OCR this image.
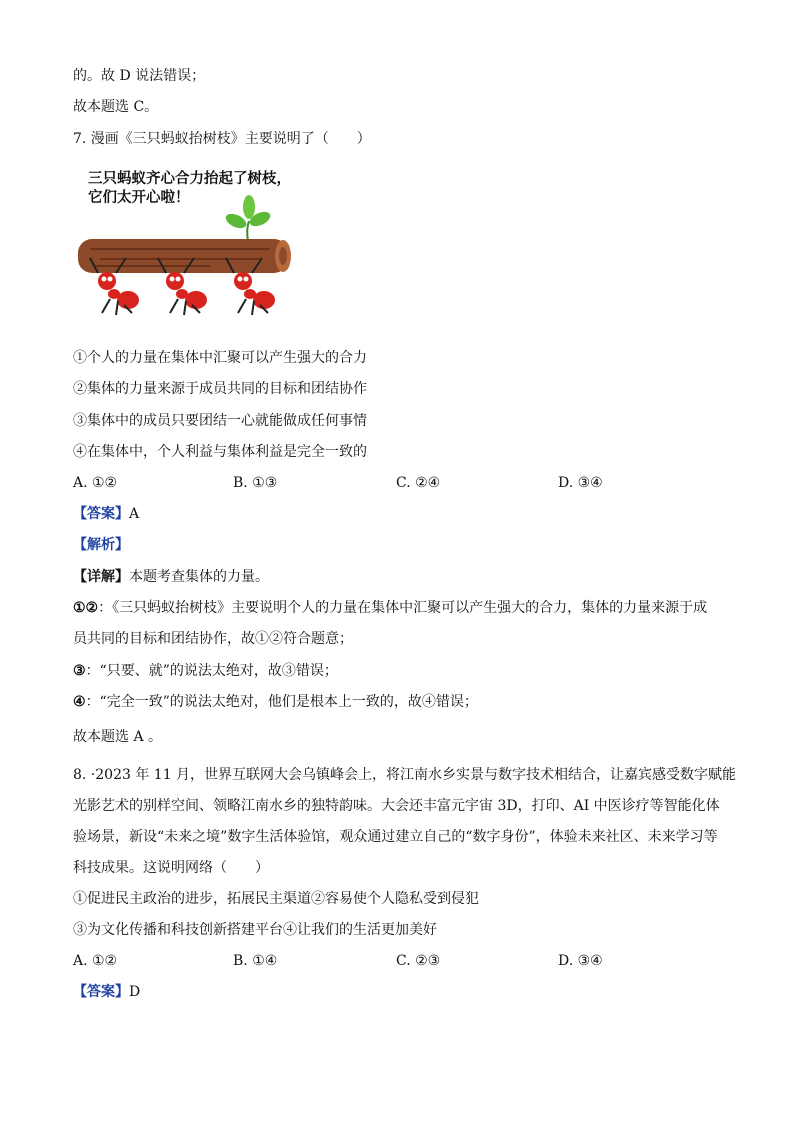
的。故 D 说法错误；
故本题选 C。
7. 漫画《三只蚂蚁抬树枝》主要说明了（　　）
三只蚂蚁齐心合力抬起了树枝，
它们太开心啦！
①个人的力量在集体中汇聚可以产生强大的合力
②集体的力量来源于成员共同的目标和团结协作
③集体中的成员只要团结一心就能做成任何事情
④在集体中，个人利益与集体利益是完全一致的
A. ①②	B. ①③	C. ②④	D. ③④
【答案】A
【解析】
【详解】本题考查集体的力量。
①②：《三只蚂蚁抬树枝》主要说明个人的力量在集体中汇聚可以产生强大的合力，集体的力量来源于成
员共同的目标和团结协作，故①②符合题意；
③：“只要、就”的说法太绝对，故③错误；
④：“完全一致”的说法太绝对，他们是根本上一致的，故④错误；
故本题选 A 。
8. ·2023 年 11 月，世界互联网大会乌镇峰会上，将江南水乡实景与数字技术相结合，让嘉宾感受数字赋能
光影艺术的别样空间、领略江南水乡的独特韵味。大会还丰富元宇宙 3D，打印、AI 中医诊疗等智能化体
验场景，新设“未来之境”数字生活体验馆，观众通过建立自己的“数字身份”，体验未来社区、未来学习等
科技成果。这说明网络（　　）
①促进民主政治的进步，拓展民主渠道②容易使个人隐私受到侵犯
③为文化传播和科技创新搭建平台④让我们的生活更加美好
A. ①②	B. ①④	C. ②③	D. ③④
【答案】D
